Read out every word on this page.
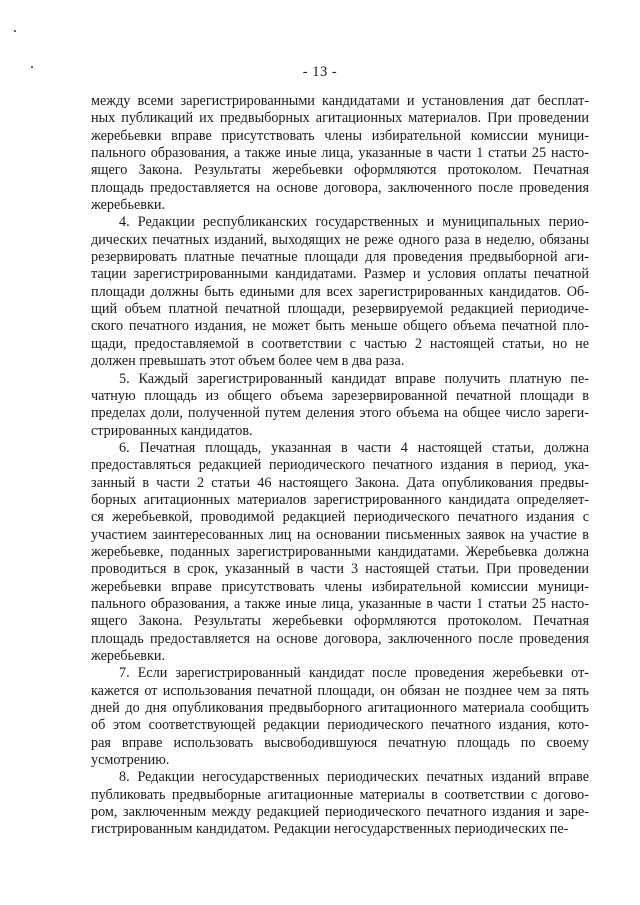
- 13 -
между всеми зарегистрированными кандидатами и установления дат бесплат-
ных публикаций их предвыборных агитационных материалов. При проведении
жеребьевки вправе присутствовать члены избирательной комиссии муници-
пального образования, а также иные лица, указанные в части 1 статьи 25 насто-
ящего Закона. Результаты жеребьевки оформляются протоколом. Печатная
площадь предоставляется на основе договора, заключенного после проведения
жеребьевки.
4. Редакции республиканских государственных и муниципальных перио-
дических печатных изданий, выходящих не реже одного раза в неделю, обязаны
резервировать платные печатные площади для проведения предвыборной аги-
тации зарегистрированными кандидатами. Размер и условия оплаты печатной
площади должны быть едиными для всех зарегистрированных кандидатов. Об-
щий объем платной печатной площади, резервируемой редакцией периодиче-
ского печатного издания, не может быть меньше общего объема печатной пло-
щади, предоставляемой в соответствии с частью 2 настоящей статьи, но не
должен превышать этот объем более чем в два раза.
5. Каждый зарегистрированный кандидат вправе получить платную пе-
чатную площадь из общего объема зарезервированной печатной площади в
пределах доли, полученной путем деления этого объема на общее число зареги-
стрированных кандидатов.
6. Печатная площадь, указанная в части 4 настоящей статьи, должна
предоставляться редакцией периодического печатного издания в период, ука-
занный в части 2 статьи 46 настоящего Закона. Дата опубликования предвы-
борных агитационных материалов зарегистрированного кандидата определяет-
ся жеребьевкой, проводимой редакцией периодического печатного издания с
участием заинтересованных лиц на основании письменных заявок на участие в
жеребьевке, поданных зарегистрированными кандидатами. Жеребьевка должна
проводиться в срок, указанный в части 3 настоящей статьи. При проведении
жеребьевки вправе присутствовать члены избирательной комиссии муници-
пального образования, а также иные лица, указанные в части 1 статьи 25 насто-
ящего Закона. Результаты жеребьевки оформляются протоколом. Печатная
площадь предоставляется на основе договора, заключенного после проведения
жеребьевки.
7. Если зарегистрированный кандидат после проведения жеребьевки от-
кажется от использования печатной площади, он обязан не позднее чем за пять
дней до дня опубликования предвыборного агитационного материала сообщить
об этом соответствующей редакции периодического печатного издания, кото-
рая вправе использовать высвободившуюся печатную площадь по своему
усмотрению.
8. Редакции негосударственных периодических печатных изданий вправе
публиковать предвыборные агитационные материалы в соответствии с догово-
ром, заключенным между редакцией периодического печатного издания и заре-
гистрированным кандидатом. Редакции негосударственных периодических пе-
